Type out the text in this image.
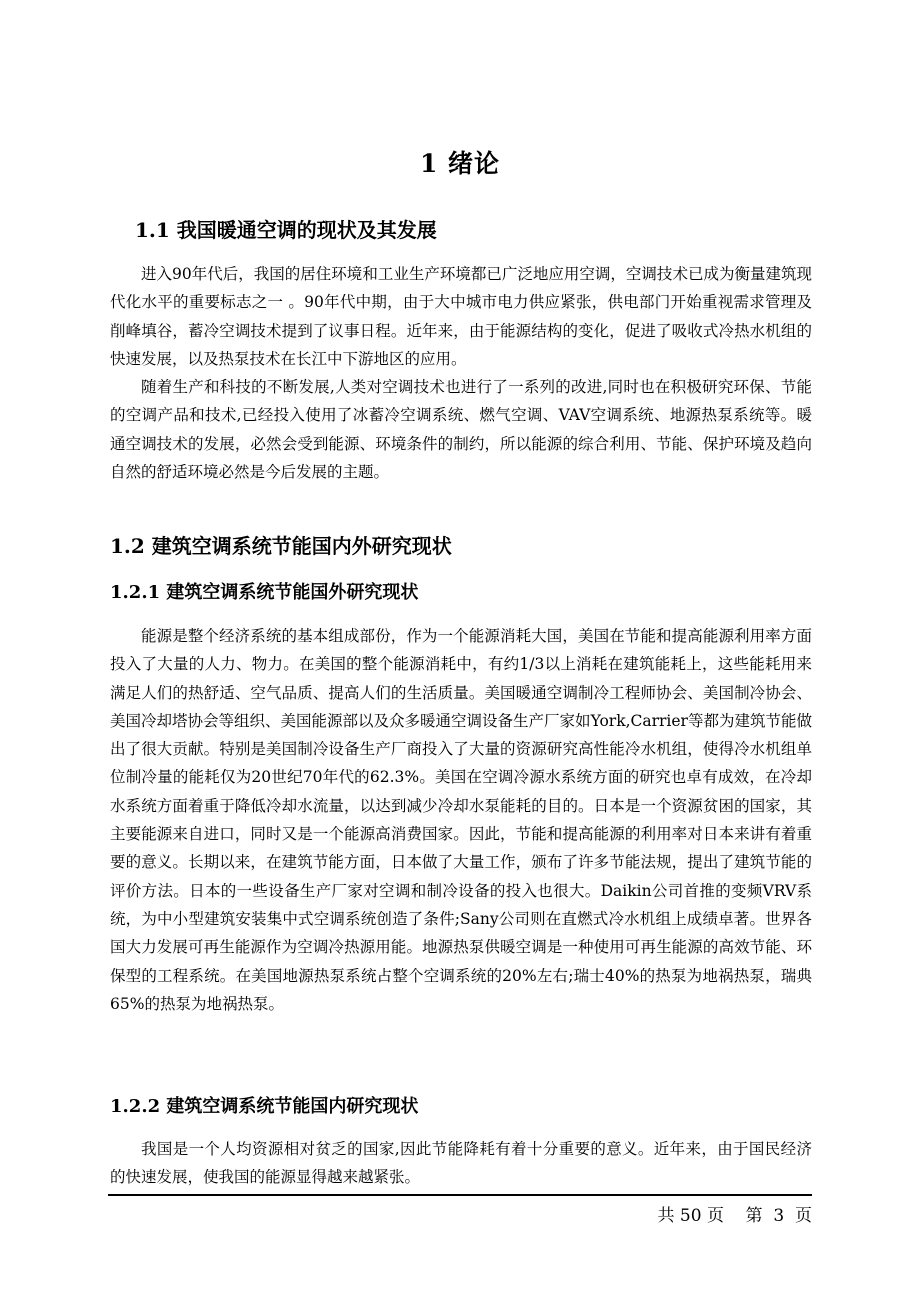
1 绪论
1.1 我国暖通空调的现状及其发展

进入90年代后，我国的居住环境和工业生产环境都已广泛地应用空调，空调技术已成为衡量建筑现代化水平的重要标志之一 。90年代中期，由于大中城市电力供应紧张，供电部门开始重视需求管理及削峰填谷，蓄冷空调技术提到了议事日程。近年来，由于能源结构的变化，促进了吸收式冷热水机组的快速发展，以及热泵技术在长江中下游地区的应用。

随着生产和科技的不断发展,人类对空调技术也进行了一系列的改进,同时也在积极研究环保、节能的空调产品和技术,已经投入使用了冰蓄冷空调系统、燃气空调、VAV空调系统、地源热泵系统等。暖通空调技术的发展，必然会受到能源、环境条件的制约，所以能源的综合利用、节能、保护环境及趋向自然的舒适环境必然是今后发展的主题。

1.2 建筑空调系统节能国内外研究现状
1.2.1 建筑空调系统节能国外研究现状

能源是整个经济系统的基本组成部份，作为一个能源消耗大国，美国在节能和提高能源利用率方面投入了大量的人力、物力。在美国的整个能源消耗中，有约1/3以上消耗在建筑能耗上，这些能耗用来满足人们的热舒适、空气品质、提高人们的生活质量。美国暖通空调制冷工程师协会、美国制冷协会、美国冷却塔协会等组织、美国能源部以及众多暖通空调设备生产厂家如York,Carrier等都为建筑节能做出了很大贡献。特别是美国制冷设备生产厂商投入了大量的资源研究高性能冷水机组，使得冷水机组单位制冷量的能耗仅为20世纪70年代的62.3%。美国在空调冷源水系统方面的研究也卓有成效，在冷却水系统方面着重于降低冷却水流量，以达到减少冷却水泵能耗的目的。日本是一个资源贫困的国家，其主要能源来自进口，同时又是一个能源高消费国家。因此，节能和提高能源的利用率对日本来讲有着重要的意义。长期以来，在建筑节能方面，日本做了大量工作，颁布了许多节能法规，提出了建筑节能的评价方法。日本的一些设备生产厂家对空调和制冷设备的投入也很大。Daikin公司首推的变频VRV系统，为中小型建筑安装集中式空调系统创造了条件;Sany公司则在直燃式冷水机组上成绩卓著。世界各国大力发展可再生能源作为空调冷热源用能。地源热泵供暖空调是一种使用可再生能源的高效节能、环保型的工程系统。在美国地源热泵系统占整个空调系统的20%左右;瑞士40%的热泵为地祸热泵，瑞典65%的热泵为地祸热泵。

1.2.2 建筑空调系统节能国内研究现状

我国是一个人均资源相对贫乏的国家,因此节能降耗有着十分重要的意义。近年来，由于国民经济的快速发展，使我国的能源显得越来越紧张。

共 50 页    第  3  页
